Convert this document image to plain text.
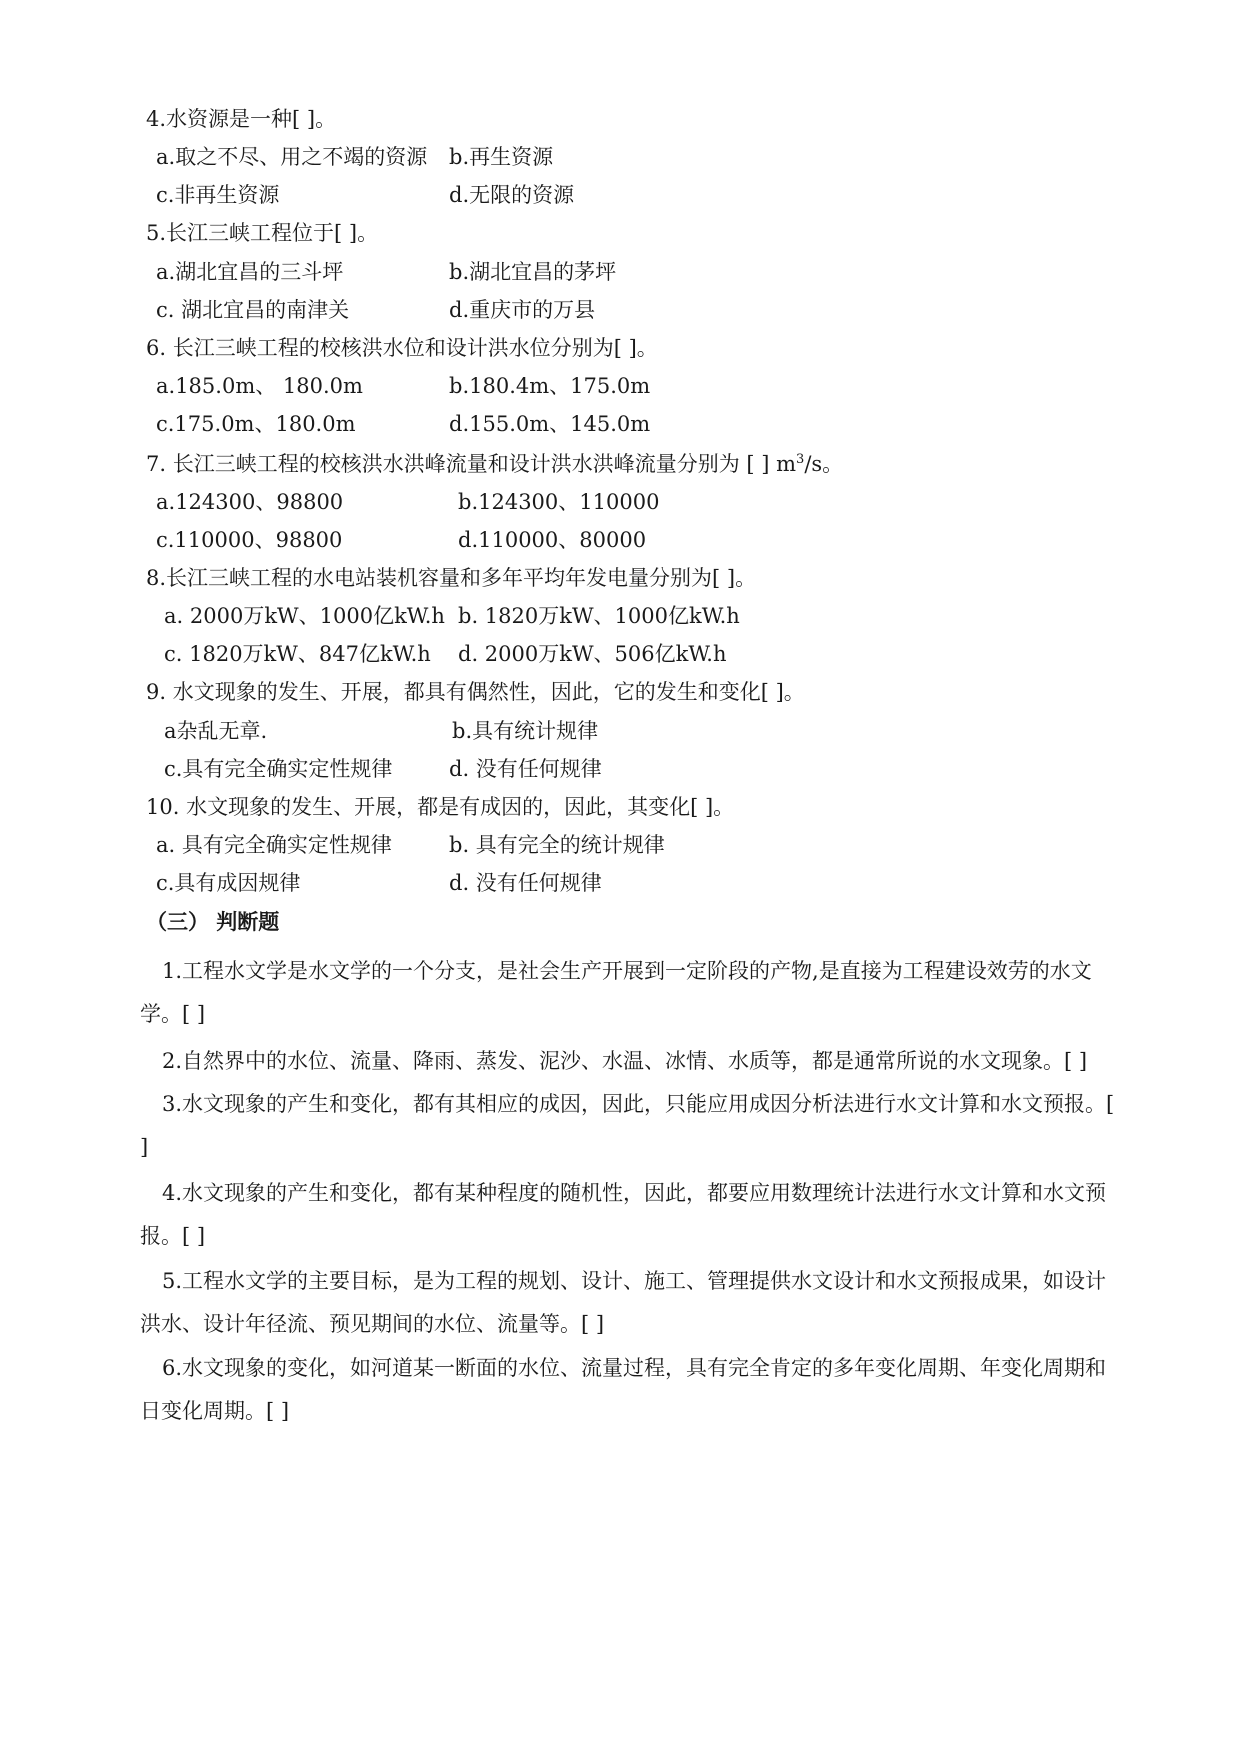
4.水资源是一种[ ]。
a.取之不尽、用之不竭的资源 b.再生资源
c.非再生资源	d.无限的资源
5.长江三峡工程位于[ ]。
a.湖北宜昌的三斗坪	b.湖北宜昌的茅坪
c. 湖北宜昌的南津关	d.重庆市的万县
6. 长江三峡工程的校核洪水位和设计洪水位分别为[ ]。
a.185.0m、 180.0m	b.180.4m、175.0m
c.175.0m、180.0m	d.155.0m、145.0m
7. 长江三峡工程的校核洪水洪峰流量和设计洪水洪峰流量分别为 [ ] $m^3/s$。
a.124300、98800	b.124300、110000
c.110000、98800	d.110000、80000
8.长江三峡工程的水电站装机容量和多年平均年发电量分别为[ ]。
a. 2000万kW、1000亿kW.h b. 1820万kW、1000亿kW.h
c. 1820万kW、847亿kW.h d. 2000万kW、506亿kW.h
9. 水文现象的发生、开展，都具有偶然性，因此，它的发生和变化[ ]。
a杂乱无章.	b.具有统计规律
c.具有完全确实定性规律	d. 没有任何规律
10. 水文现象的发生、开展，都是有成因的，因此，其变化[ ]。
a. 具有完全确实定性规律	b. 具有完全的统计规律
c.具有成因规律	d. 没有任何规律
（三） 判断题
1.工程水文学是水文学的一个分支，是社会生产开展到一定阶段的产物,是直接为工程建设效劳的水文学。[ ]
2.自然界中的水位、流量、降雨、蒸发、泥沙、水温、冰情、水质等，都是通常所说的水文现象。[ ]
3.水文现象的产生和变化，都有其相应的成因，因此，只能应用成因分析法进行水文计算和水文预报。[ ]
4.水文现象的产生和变化，都有某种程度的随机性，因此，都要应用数理统计法进行水文计算和水文预报。[ ]
5.工程水文学的主要目标，是为工程的规划、设计、施工、管理提供水文设计和水文预报成果，如设计洪水、设计年径流、预见期间的水位、流量等。[ ]
6.水文现象的变化，如河道某一断面的水位、流量过程，具有完全肯定的多年变化周期、年变化周期和日变化周期。[ ]
